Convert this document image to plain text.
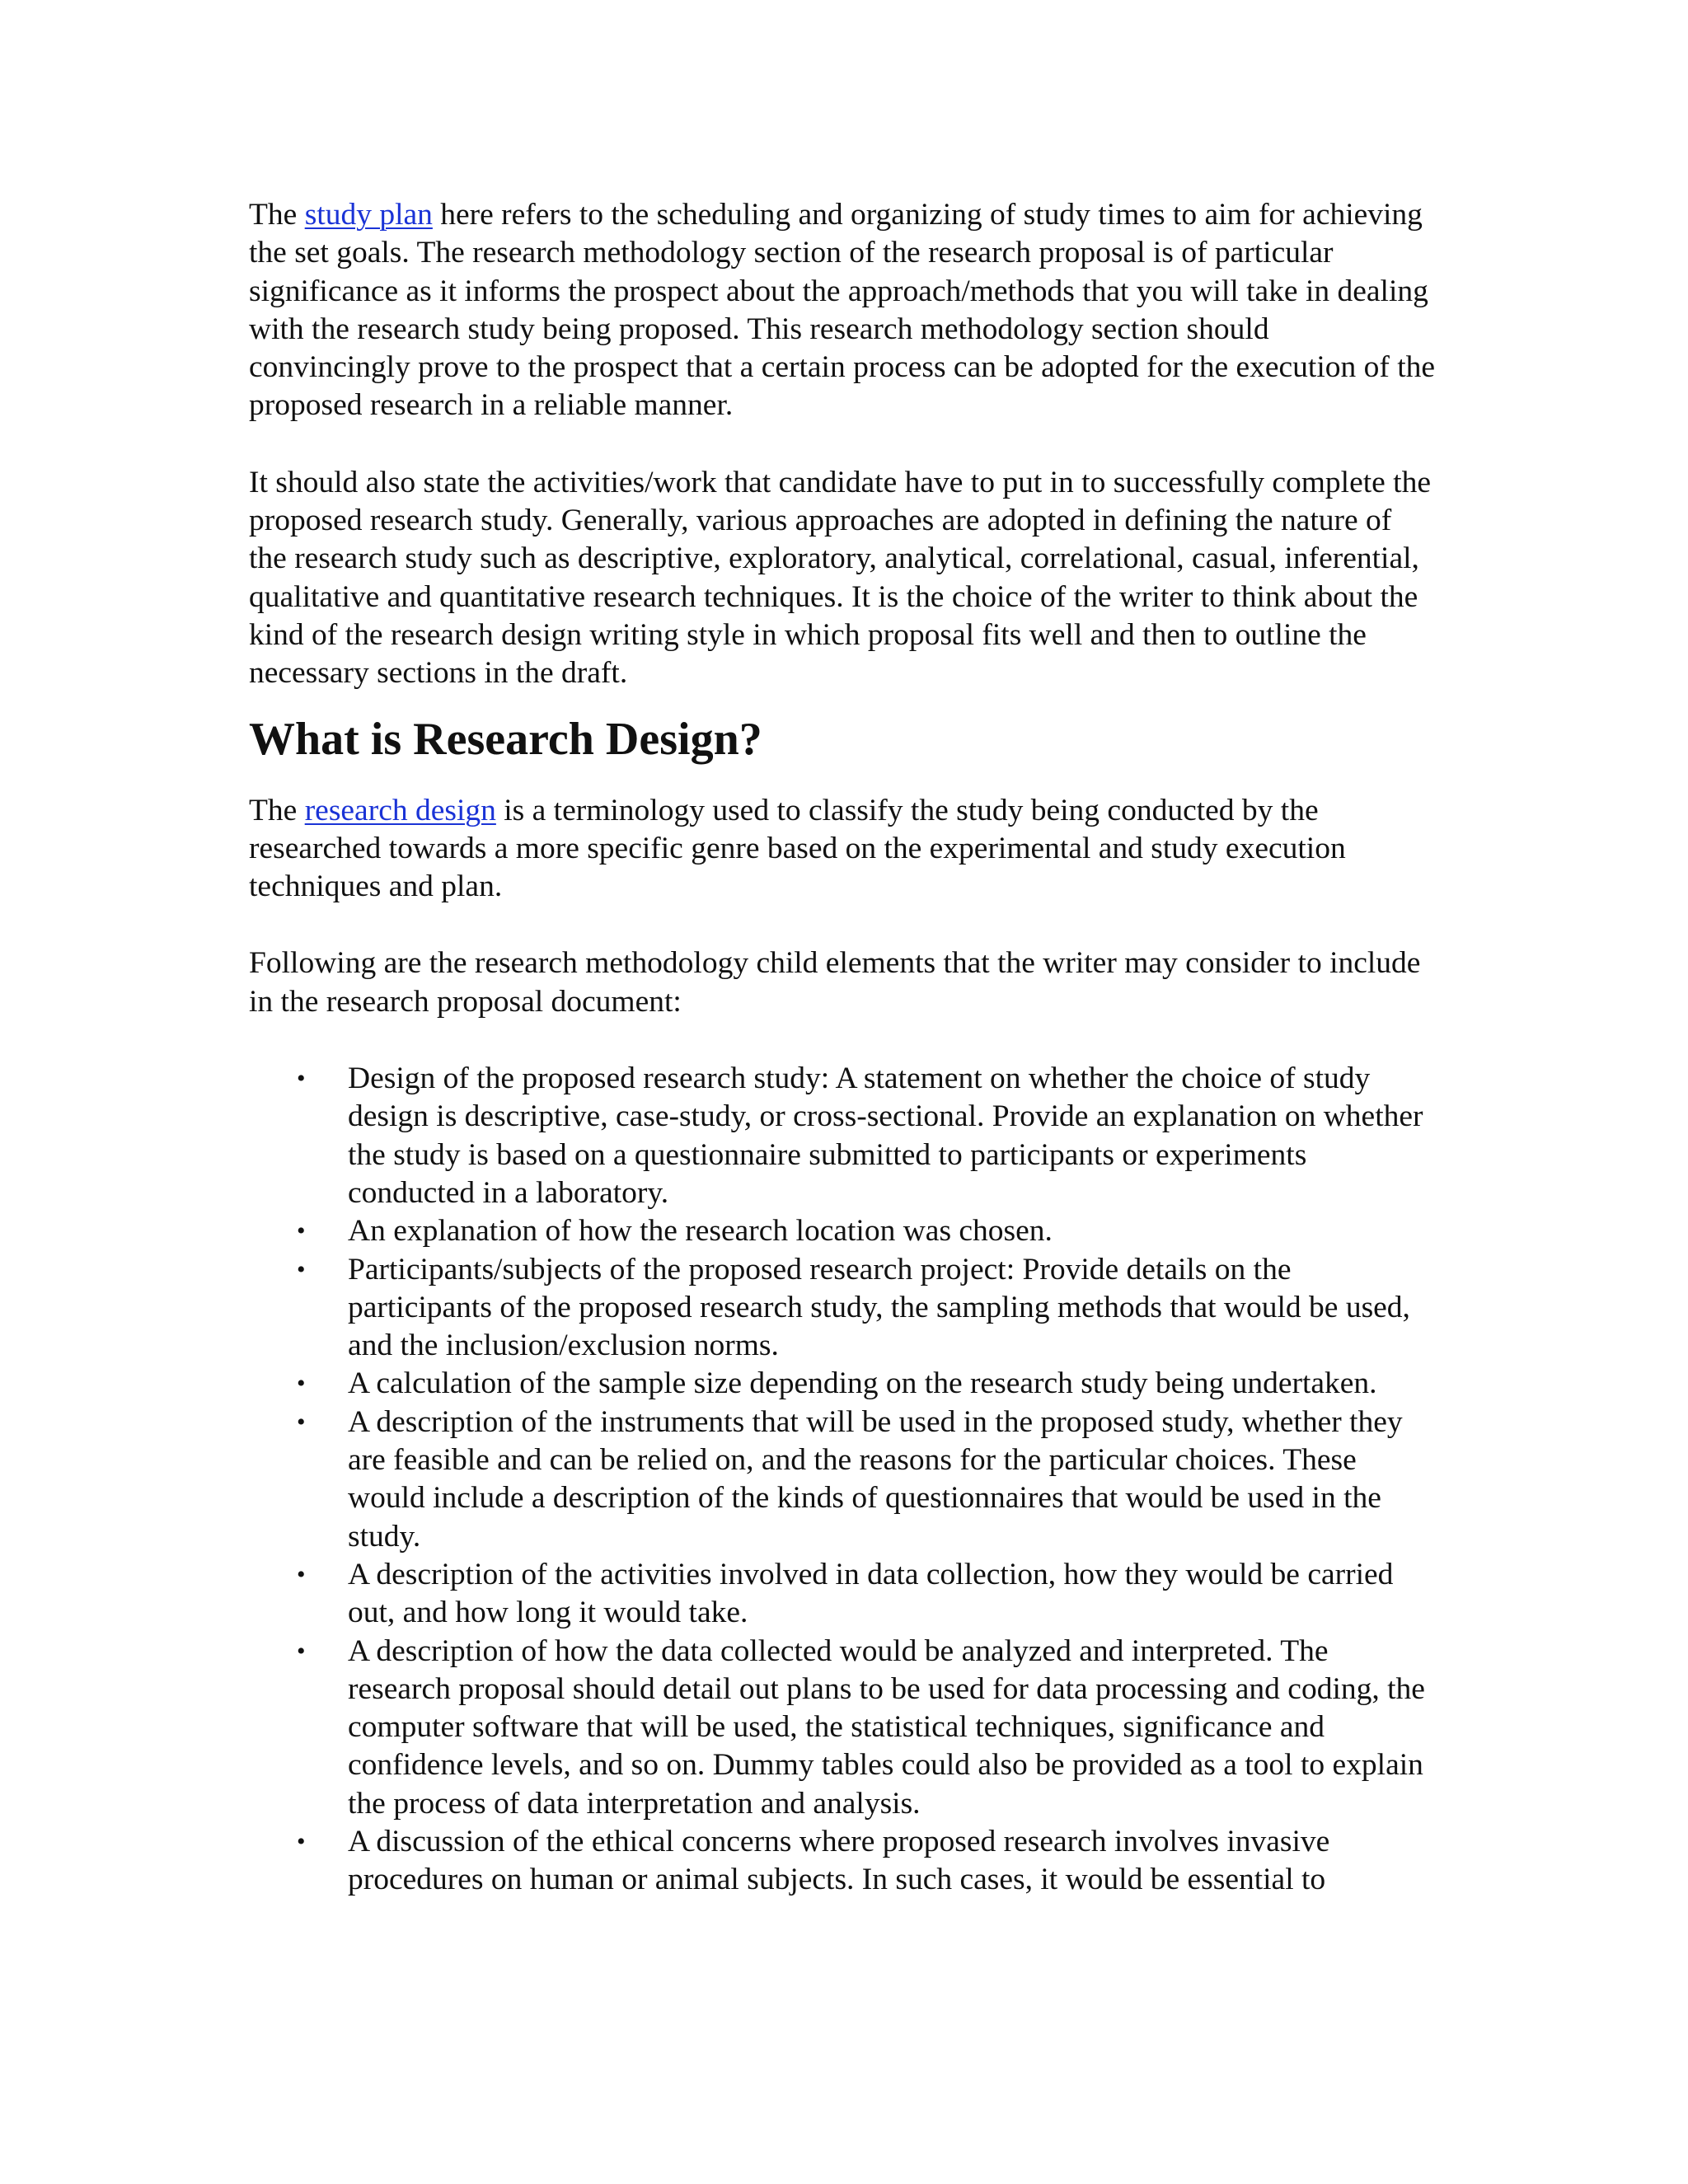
The study plan here refers to the scheduling and organizing of study times to aim for achieving the set goals. The research methodology section of the research proposal is of particular significance as it informs the prospect about the approach/methods that you will take in dealing with the research study being proposed. This research methodology section should convincingly prove to the prospect that a certain process can be adopted for the execution of the proposed research in a reliable manner.

It should also state the activities/work that candidate have to put in to successfully complete the proposed research study. Generally, various approaches are adopted in defining the nature of the research study such as descriptive, exploratory, analytical, correlational, casual, inferential, qualitative and quantitative research techniques. It is the choice of the writer to think about the kind of the research design writing style in which proposal fits well and then to outline the necessary sections in the draft.

What is Research Design?

The research design is a terminology used to classify the study being conducted by the researched towards a more specific genre based on the experimental and study execution techniques and plan.

Following are the research methodology child elements that the writer may consider to include in the research proposal document:

• Design of the proposed research study: A statement on whether the choice of study design is descriptive, case-study, or cross-sectional. Provide an explanation on whether the study is based on a questionnaire submitted to participants or experiments conducted in a laboratory.
• An explanation of how the research location was chosen.
• Participants/subjects of the proposed research project: Provide details on the participants of the proposed research study, the sampling methods that would be used, and the inclusion/exclusion norms.
• A calculation of the sample size depending on the research study being undertaken.
• A description of the instruments that will be used in the proposed study, whether they are feasible and can be relied on, and the reasons for the particular choices. These would include a description of the kinds of questionnaires that would be used in the study.
• A description of the activities involved in data collection, how they would be carried out, and how long it would take.
• A description of how the data collected would be analyzed and interpreted. The research proposal should detail out plans to be used for data processing and coding, the computer software that will be used, the statistical techniques, significance and confidence levels, and so on. Dummy tables could also be provided as a tool to explain the process of data interpretation and analysis.
• A discussion of the ethical concerns where proposed research involves invasive procedures on human or animal subjects. In such cases, it would be essential to
